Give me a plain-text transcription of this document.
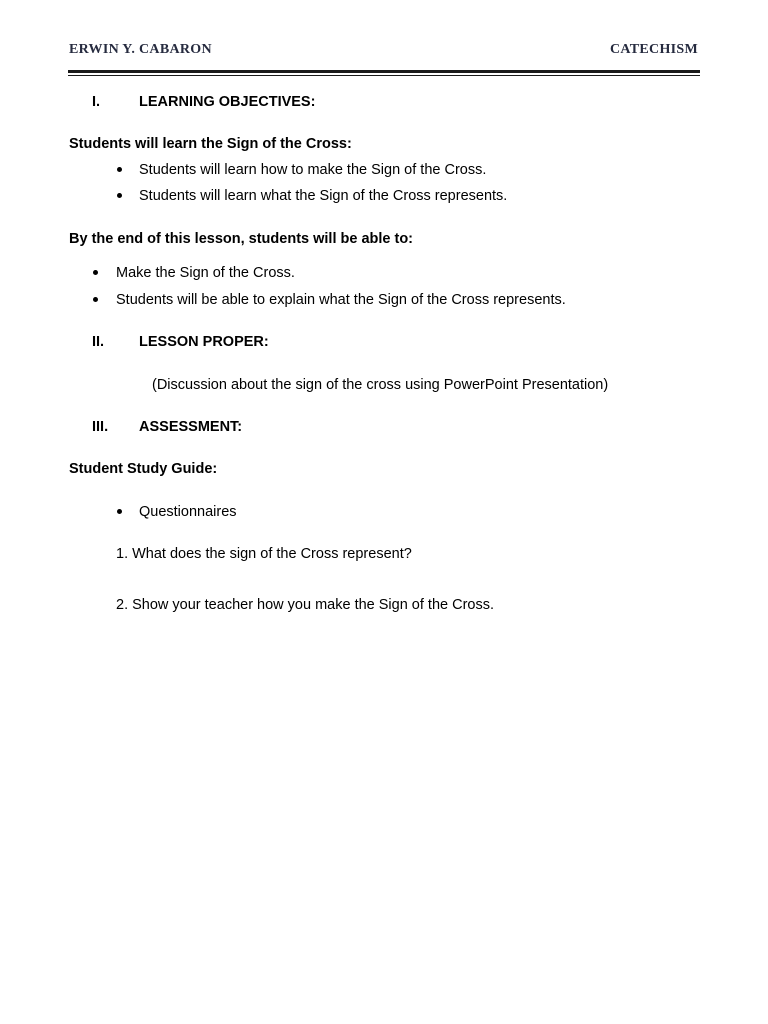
ERWIN Y. CABARON	CATECHISM
I.	LEARNING OBJECTIVES:
Students will learn the Sign of the Cross:
Students will learn how to make the Sign of the Cross.
Students will learn what the Sign of the Cross represents.
By the end of this lesson, students will be able to:
Make the Sign of the Cross.
Students will be able to explain what the Sign of the Cross represents.
II. LESSON PROPER:
(Discussion about the sign of the cross using PowerPoint Presentation)
III. ASSESSMENT:
Student Study Guide:
Questionnaires
1. What does the sign of the Cross represent?
2. Show your teacher how you make the Sign of the Cross.
